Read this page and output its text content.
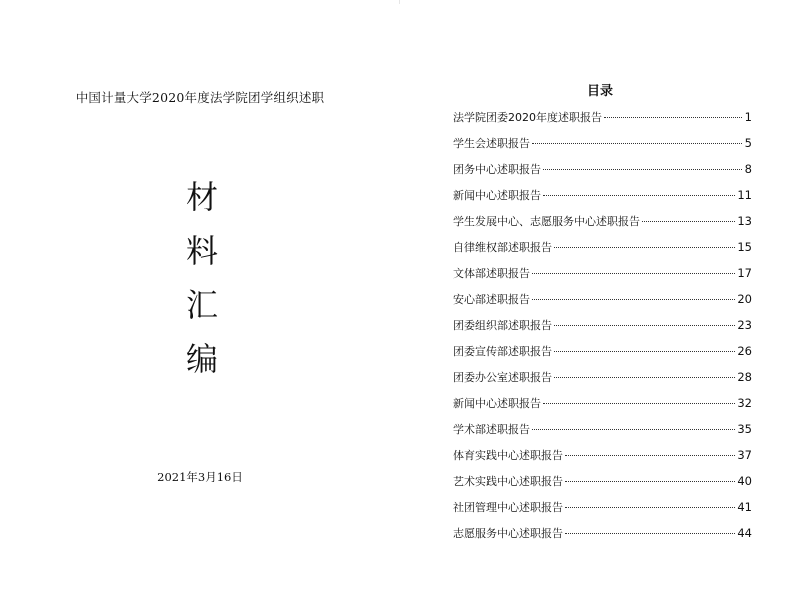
中国计量大学2020年度法学院团学组织述职
材
料
汇
编
2021年3月16日
目录
法学院团委2020年度述职报告	1
学生会述职报告	5
团务中心述职报告	8
新闻中心述职报告	11
学生发展中心、志愿服务中心述职报告	13
自律维权部述职报告	15
文体部述职报告	17
安心部述职报告	20
团委组织部述职报告	23
团委宣传部述职报告	26
团委办公室述职报告	28
新闻中心述职报告	32
学术部述职报告	35
体育实践中心述职报告	37
艺术实践中心述职报告	40
社团管理中心述职报告	41
志愿服务中心述职报告	44
